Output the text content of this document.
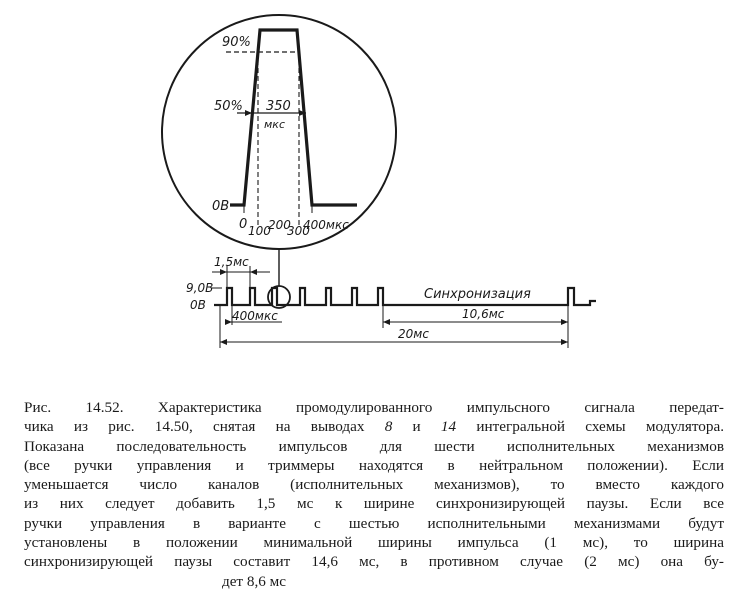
90%
50%
0В
350
мкс
0 100
200
300
400мкс
9,0В
0В
1,5мс
400мкс
Синхронизация
10,6мс
20мс
Рис. 14.52. Характеристика промодулированного импульсного сигнала передат-
чика из рис. 14.50, снятая на выводах 8 и 14 интегральной схемы модулятора.
Показана последовательность импульсов для шести исполнительных механизмов
(все ручки управления и триммеры находятся в нейтральном положении). Если
уменьшается число каналов (исполнительных механизмов), то вместо каждого
из них следует добавить 1,5 мс к ширине синхронизирующей паузы. Если все
ручки управления в варианте с шестью исполнительными механизмами будут
установлены в положении минимальной ширины импульса (1 мс), то ширина
синхронизирующей паузы составит 14,6 мс, в противном случае (2 мс) она бу-
дет 8,6 мс
